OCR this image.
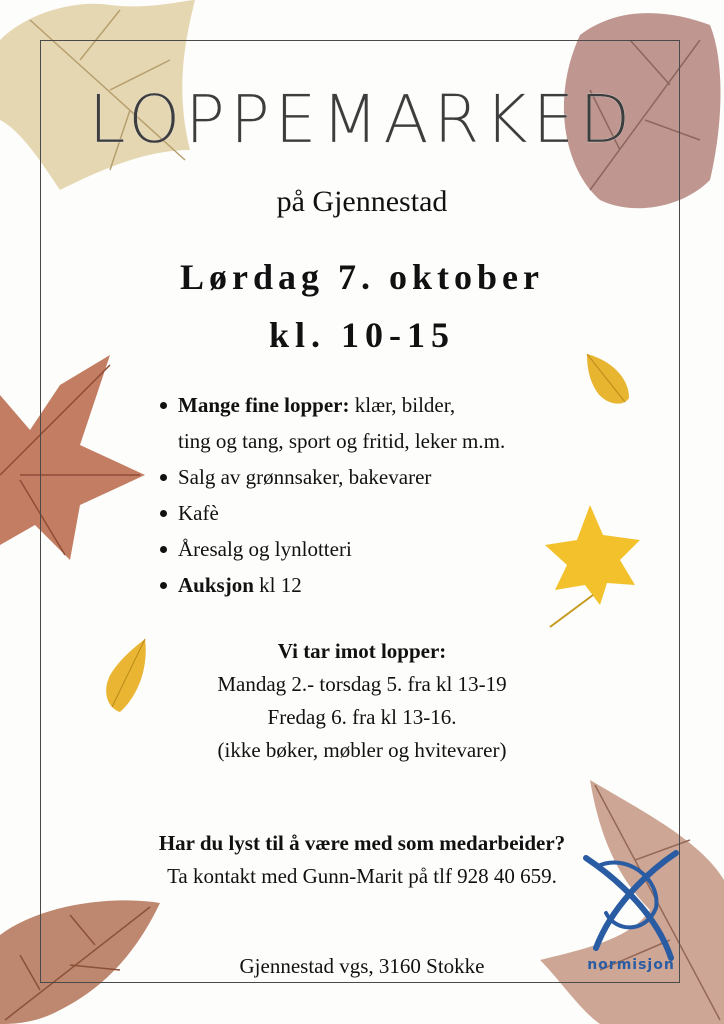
LOPPEMARKED
på Gjennestad
Lørdag 7. oktober
kl. 10-15
Mange fine lopper: klær, bilder,
ting og tang, sport og fritid, leker m.m.
Salg av grønnsaker, bakevarer
Kafè
Åresalg og lynlotteri
Auksjon kl 12
Vi tar imot lopper:
Mandag 2.- torsdag 5. fra kl 13-19
Fredag 6. fra kl 13-16.
(ikke bøker, møbler og hvitevarer)
Har du lyst til å være med som medarbeider?
Ta kontakt med Gunn-Marit på tlf 928 40 659.
Gjennestad vgs, 3160 Stokke	normisjon
